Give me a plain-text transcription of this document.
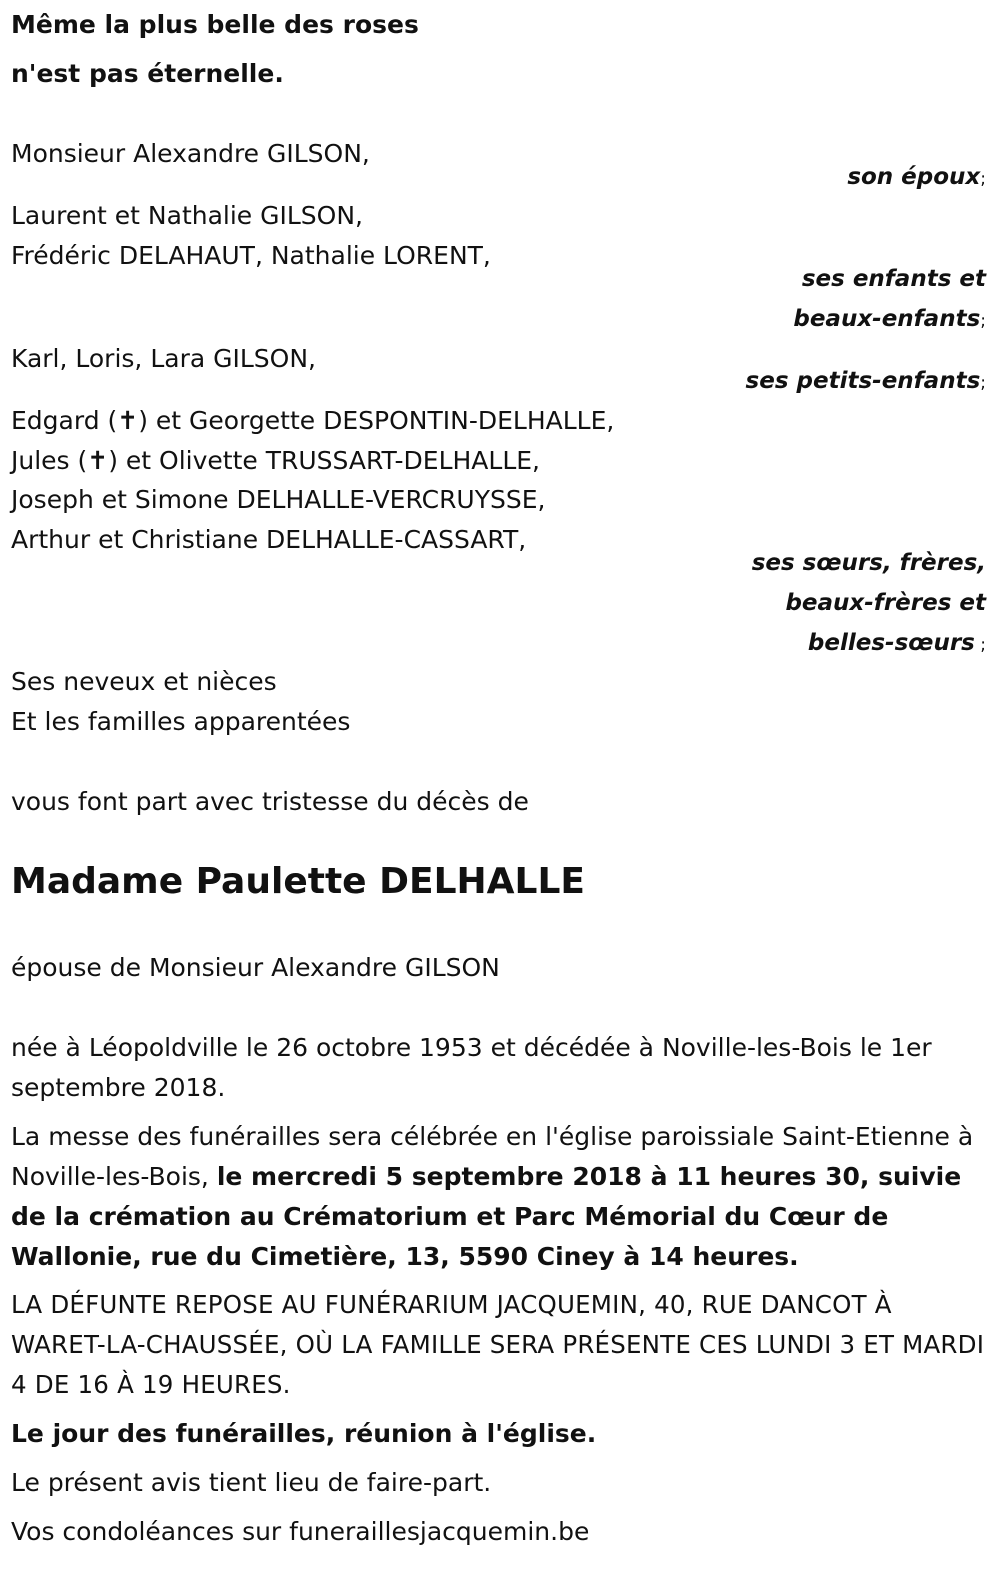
Même la plus belle des roses
n'est pas éternelle.
Monsieur Alexandre GILSON,
son époux;
Laurent et Nathalie GILSON,
Frédéric DELAHAUT, Nathalie LORENT,
ses enfants et
beaux-enfants;
Karl, Loris, Lara GILSON,
ses petits-enfants;
Edgard (✝) et Georgette DESPONTIN-DELHALLE,
Jules (✝) et Olivette TRUSSART-DELHALLE,
Joseph et Simone DELHALLE-VERCRUYSSE,
Arthur et Christiane DELHALLE-CASSART,
ses sœurs, frères,
beaux-frères et
belles-sœurs ;
Ses neveux et nièces
Et les familles apparentées
vous font part avec tristesse du décès de
Madame Paulette DELHALLE
épouse de Monsieur Alexandre GILSON
née à Léopoldville le 26 octobre 1953 et décédée à Noville-les-Bois le 1er septembre 2018.
La messe des funérailles sera célébrée en l'église paroissiale Saint-Etienne à Noville-les-Bois, le mercredi 5 septembre 2018 à 11 heures 30, suivie de la crémation au Crématorium et Parc Mémorial du Cœur de Wallonie, rue du Cimetière, 13, 5590 Ciney à 14 heures.
LA DÉFUNTE REPOSE AU FUNÉRARIUM JACQUEMIN, 40, RUE DANCOT À WARET-LA-CHAUSSÉE, OÙ LA FAMILLE SERA PRÉSENTE CES LUNDI 3 ET MARDI 4 DE 16 À 19 HEURES.
Le jour des funérailles, réunion à l'église.
Le présent avis tient lieu de faire-part.
Vos condoléances sur funerailles​jacquemin.be
